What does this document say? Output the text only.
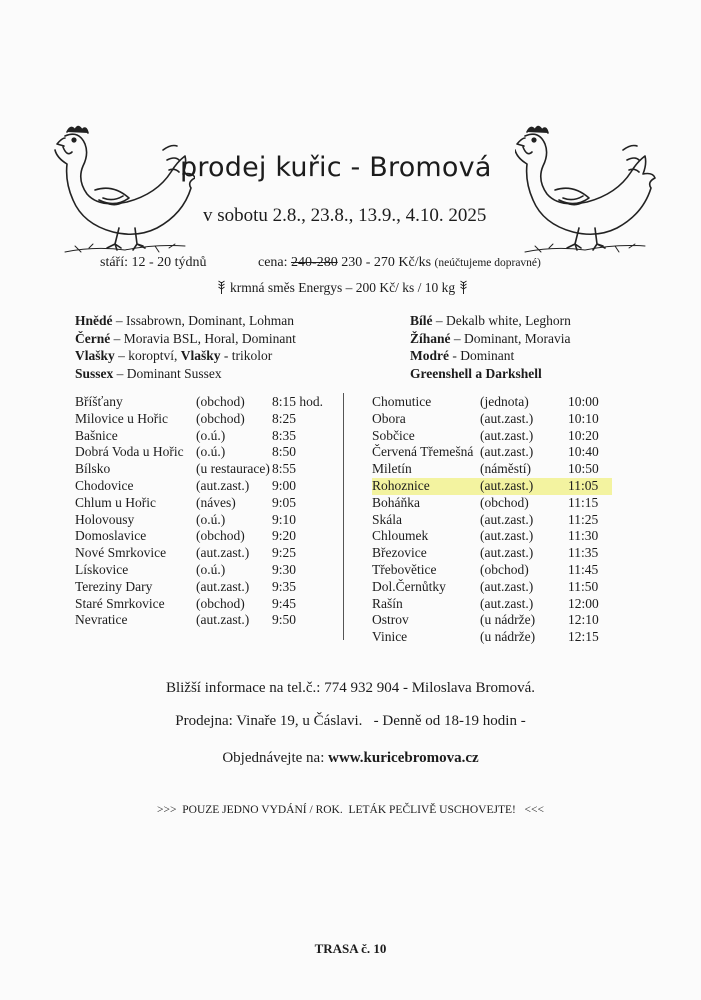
prodej kuřic - Bromová
v sobotu 2.8., 23.8., 13.9., 4.10. 2025
stáří: 12 - 20 týdnů	cena: 240-280 230 - 270 Kč/ks (neúčtujeme dopravné)
krmná směs Energys – 200 Kč/ ks / 10 kg
Hnědé – Issabrown, Dominant, Lohman
Černé – Moravia BSL, Horal, Dominant
Vlašky – koroptví, Vlašky - trikolor
Sussex – Dominant Sussex
Bílé – Dekalb white, Leghorn
Žíhané – Dominant, Moravia
Modré - Dominant
Greenshell a Darkshell
Bříšťany	(obchod) 8:15 hod.
Milovice u Hořic (obchod) 8:25
Bašnice	(o.ú.)	8:35
Dobrá Voda u Hořic (o.ú.)	8:50
Bílsko	(u restaurace) 8:55
Chodovice	(aut.zast.) 9:00
Chlum u Hořic	(náves)	9:05
Holovousy	(o.ú.)	9:10
Domoslavice	(obchod) 9:20
Nové Smrkovice (aut.zast.) 9:25
Lískovice	(o.ú.)	9:30
Tereziny Dary	(aut.zast.) 9:35
Staré Smrkovice (obchod) 9:45
Nevratice	(aut.zast.) 9:50
Chomutice	(jednota)	10:00
Obora	(aut.zast.)	10:10
Sobčice	(aut.zast.)	10:20
Červená Třemešná (aut.zast.)	10:40
Miletín	(náměstí)	10:50
Rohoznice	(aut.zast.)	11:05
Boháňka	(obchod)	11:15
Skála	(aut.zast.)	11:25
Chloumek	(aut.zast.)	11:30
Březovice	(aut.zast.)	11:35
Třebovětice	(obchod)	11:45
Dol.Černůtky	(aut.zast.)	11:50
Rašín	(aut.zast.)	12:00
Ostrov	(u nádrže) 12:10
Vinice	(u nádrže) 12:15
Bližší informace na tel.č.: 774 932 904 - Miloslava Bromová.
Prodejna: Vinaře 19, u Čáslavi.   - Denně od 18-19 hodin -
Objednávejte na: www.kuricebromova.cz
>>>  POUZE JEDNO VYDÁNÍ / ROK.  LETÁK PEČLIVĚ USCHOVEJTE!   <<<
TRASA č. 10
